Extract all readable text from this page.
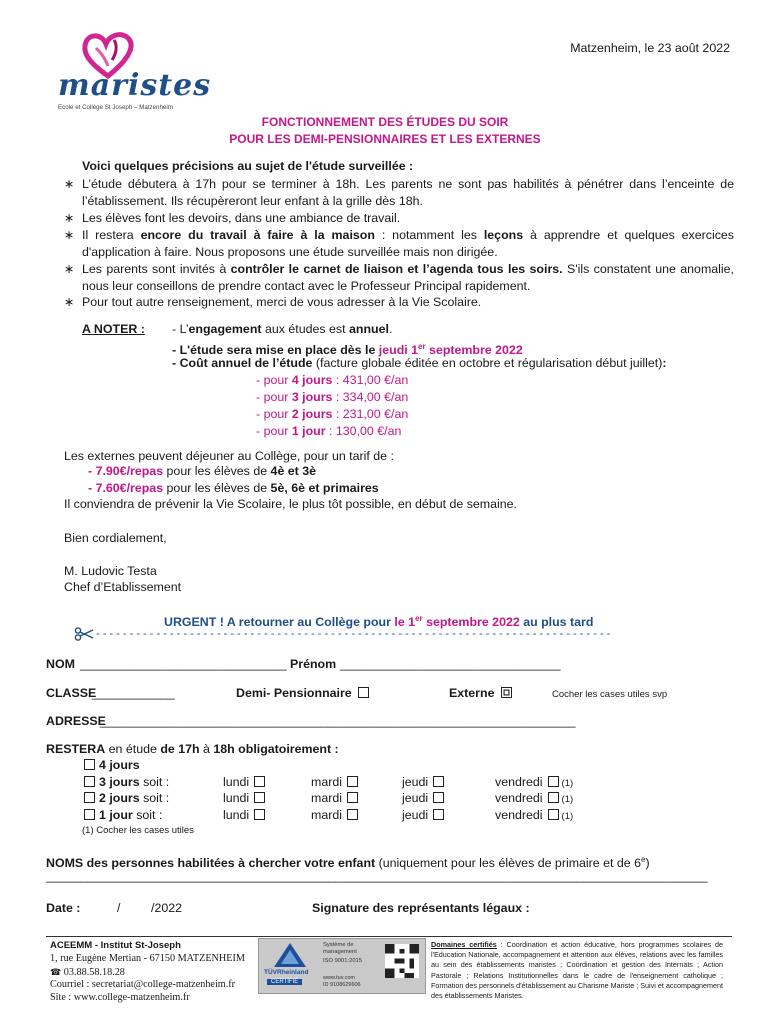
maristes
Ecole et Collège St Joseph – Matzenheim
Matzenheim, le 23 août 2022
FONCTIONNEMENT DES ÉTUDES DU SOIR
POUR LES DEMI-PENSIONNAIRES ET LES EXTERNES
Voici quelques précisions au sujet de l'étude surveillée :
∗ L’étude débutera à 17h pour se terminer à 18h. Les parents ne sont pas habilités à pénétrer dans l’enceinte de l’établissement. Ils récupèreront leur enfant à la grille dès 18h.
∗ Les élèves font les devoirs, dans une ambiance de travail.
∗ Il restera encore du travail à faire à la maison : notamment les leçons à apprendre et quelques exercices d'application à faire. Nous proposons une étude surveillée mais non dirigée.
∗ Les parents sont invités à contrôler le carnet de liaison et l’agenda tous les soirs. S'ils constatent une anomalie, nous leur conseillons de prendre contact avec le Professeur Principal rapidement.
∗ Pour tout autre renseignement, merci de vous adresser à la Vie Scolaire.
A NOTER : - L’engagement aux études est annuel.
- L'étude sera mise en place dès le jeudi 1er septembre 2022
- Coût annuel de l’étude (facture globale éditée en octobre et régularisation début juillet):
- pour 4 jours : 431,00 €/an
- pour 3 jours : 334,00 €/an
- pour 2 jours : 231,00 €/an
- pour 1 jour : 130,00 €/an
Les externes peuvent déjeuner au Collège, pour un tarif de :
- 7.90€/repas pour les élèves de 4è et 3è
- 7.60€/repas pour les élèves de 5è, 6è et primaires
Il conviendra de prévenir la Vie Scolaire, le plus tôt possible, en début de semaine.
Bien cordialement,
M. Ludovic Testa
Chef d’Etablissement
URGENT ! A retourner au Collège pour le 1er septembre 2022 au plus tard
- - - - - - - - - - - - - - - - - - - - - - - - - - - - - - - - - - - - - - - - - - - - - - - - - - - - - - - - - - - - - - - - - - - - - - - - - - - - -
NOM ______________________________ Prénom ________________________________
CLASSE
____________	Demi- Pensionnaire	Externe	Cocher les cases utiles svp
ADRESSE
_____________________________________________________________________
RESTERA en étude de 17h à 18h obligatoirement :
4 jours
3 jours soit :	lundi	mardi	jeudi	vendredi (1)
2 jours soit :	lundi	mardi	jeudi	vendredi (1)
1 jour soit :	lundi	mardi	jeudi	vendredi (1)
(1) Cocher les cases utiles
NOMS des personnes habilitées à chercher votre enfant (uniquement pour les élèves de primaire et de 6e)
________________________________________________________________________________________________
Date :	/ /2022	Signature des représentants légaux :
ACEEMM - Institut St-Joseph
1, rue Eugène Mertian - 67150 MATZENHEIM
☎ 03.88.58.18.28
Courriel : secretariat@college-matzenheim.fr
Site : www.college-matzenheim.fr
TÜVRheinland
CERTIFIÉ
Système de management
ISO 9001:2015
www.tuv.com
ID 9108629606
Domaines certifiés : Coordination et action éducative, hors programmes scolaires de l'Education Nationale, accompagnement et attention aux élèves, relations avec les familles au sein des établissements maristes ; Coordination et gestion des Internats ; Action Pastorale ; Relations Institutionnelles dans le cadre de l'enseignement catholique ; Formation des personnels d'établissement au Charisme Mariste ; Suivi et accompagnement des établissements Maristes.
